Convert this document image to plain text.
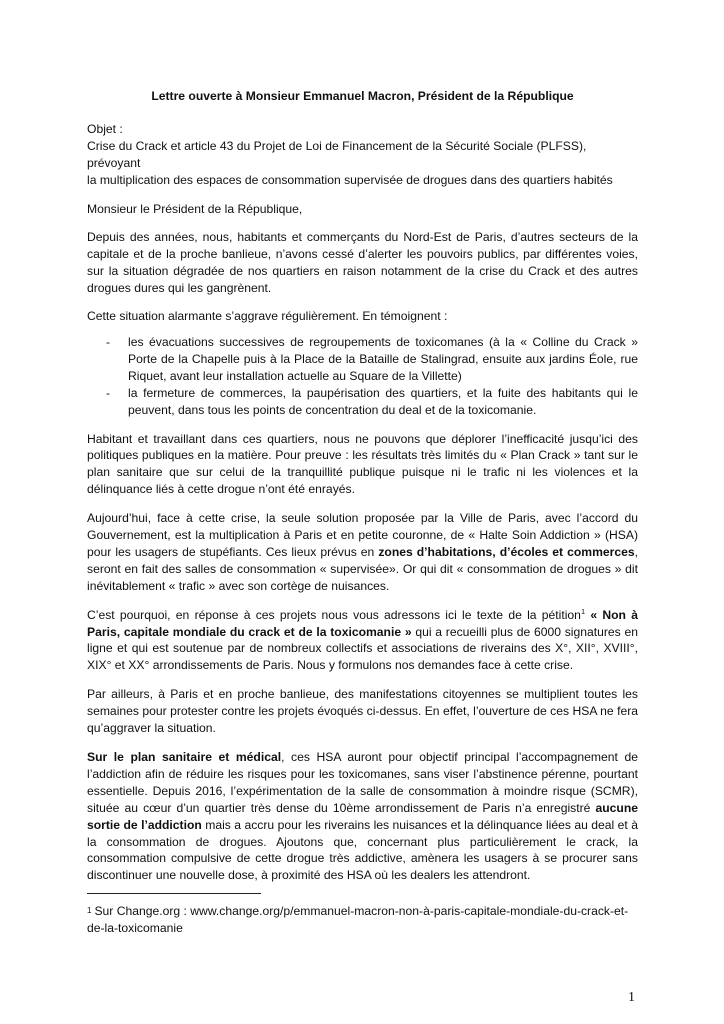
Lettre ouverte à Monsieur Emmanuel Macron, Président de la République
Objet :
Crise du Crack et article 43 du Projet de Loi de Financement de la Sécurité Sociale (PLFSS), prévoyant
la multiplication des espaces de consommation supervisée de drogues dans des quartiers habités

Monsieur le Président de la République,

Depuis des années, nous, habitants et commerçants du Nord-Est de Paris, d’autres secteurs de la capitale et de la proche banlieue, n’avons cessé d’alerter les pouvoirs publics, par différentes voies, sur la situation dégradée de nos quartiers en raison notamment de la crise du Crack et des autres drogues dures qui les gangrènent.

Cette situation alarmante s’aggrave régulièrement. En témoignent :

- les évacuations successives de regroupements de toxicomanes (à la « Colline du Crack » Porte de la Chapelle puis à la Place de la Bataille de Stalingrad, ensuite aux jardins Éole, rue Riquet, avant leur installation actuelle au Square de la Villette)
- la fermeture de commerces, la paupérisation des quartiers, et la fuite des habitants qui le peuvent, dans tous les points de concentration du deal et de la toxicomanie.

Habitant et travaillant dans ces quartiers, nous ne pouvons que déplorer l’inefficacité jusqu’ici des politiques publiques en la matière. Pour preuve : les résultats très limités du « Plan Crack » tant sur le plan sanitaire que sur celui de la tranquillité publique puisque ni le trafic ni les violences et la délinquance liés à cette drogue n’ont été enrayés.

Aujourd’hui, face à cette crise, la seule solution proposée par la Ville de Paris, avec l’accord du Gouvernement, est la multiplication à Paris et en petite couronne, de « Halte Soin Addiction » (HSA) pour les usagers de stupéfiants. Ces lieux prévus en zones d’habitations, d’écoles et commerces, seront en fait des salles de consommation « supervisée». Or qui dit « consommation de drogues » dit inévitablement « trafic » avec son cortège de nuisances.

C’est pourquoi, en réponse à ces projets nous vous adressons ici le texte de la pétition$^1$ « Non à Paris, capitale mondiale du crack et de la toxicomanie » qui a recueilli plus de 6000 signatures en ligne et qui est soutenue par de nombreux collectifs et associations de riverains des X°, XII°, XVIII°, XIX° et XX° arrondissements de Paris. Nous y formulons nos demandes face à cette crise.

Par ailleurs, à Paris et en proche banlieue, des manifestations citoyennes se multiplient toutes les semaines pour protester contre les projets évoqués ci-dessus. En effet, l’ouverture de ces HSA ne fera qu’aggraver la situation.

Sur le plan sanitaire et médical, ces HSA auront pour objectif principal l’accompagnement de l’addiction afin de réduire les risques pour les toxicomanes, sans viser l’abstinence pérenne, pourtant essentielle. Depuis 2016, l’expérimentation de la salle de consommation à moindre risque (SCMR), située au cœur d’un quartier très dense du 10ème arrondissement de Paris n’a enregistré aucune sortie de l’addiction mais a accru pour les riverains les nuisances et la délinquance liées au deal et à la consommation de drogues. Ajoutons que, concernant plus particulièrement le crack, la consommation compulsive de cette drogue très addictive, amènera les usagers à se procurer sans discontinuer une nouvelle dose, à proximité des HSA où les dealers les attendront.

1 Sur Change.org : www.change.org/p/emmanuel-macron-non-à-paris-capitale-mondiale-du-crack-et-de-la-toxicomanie
1
